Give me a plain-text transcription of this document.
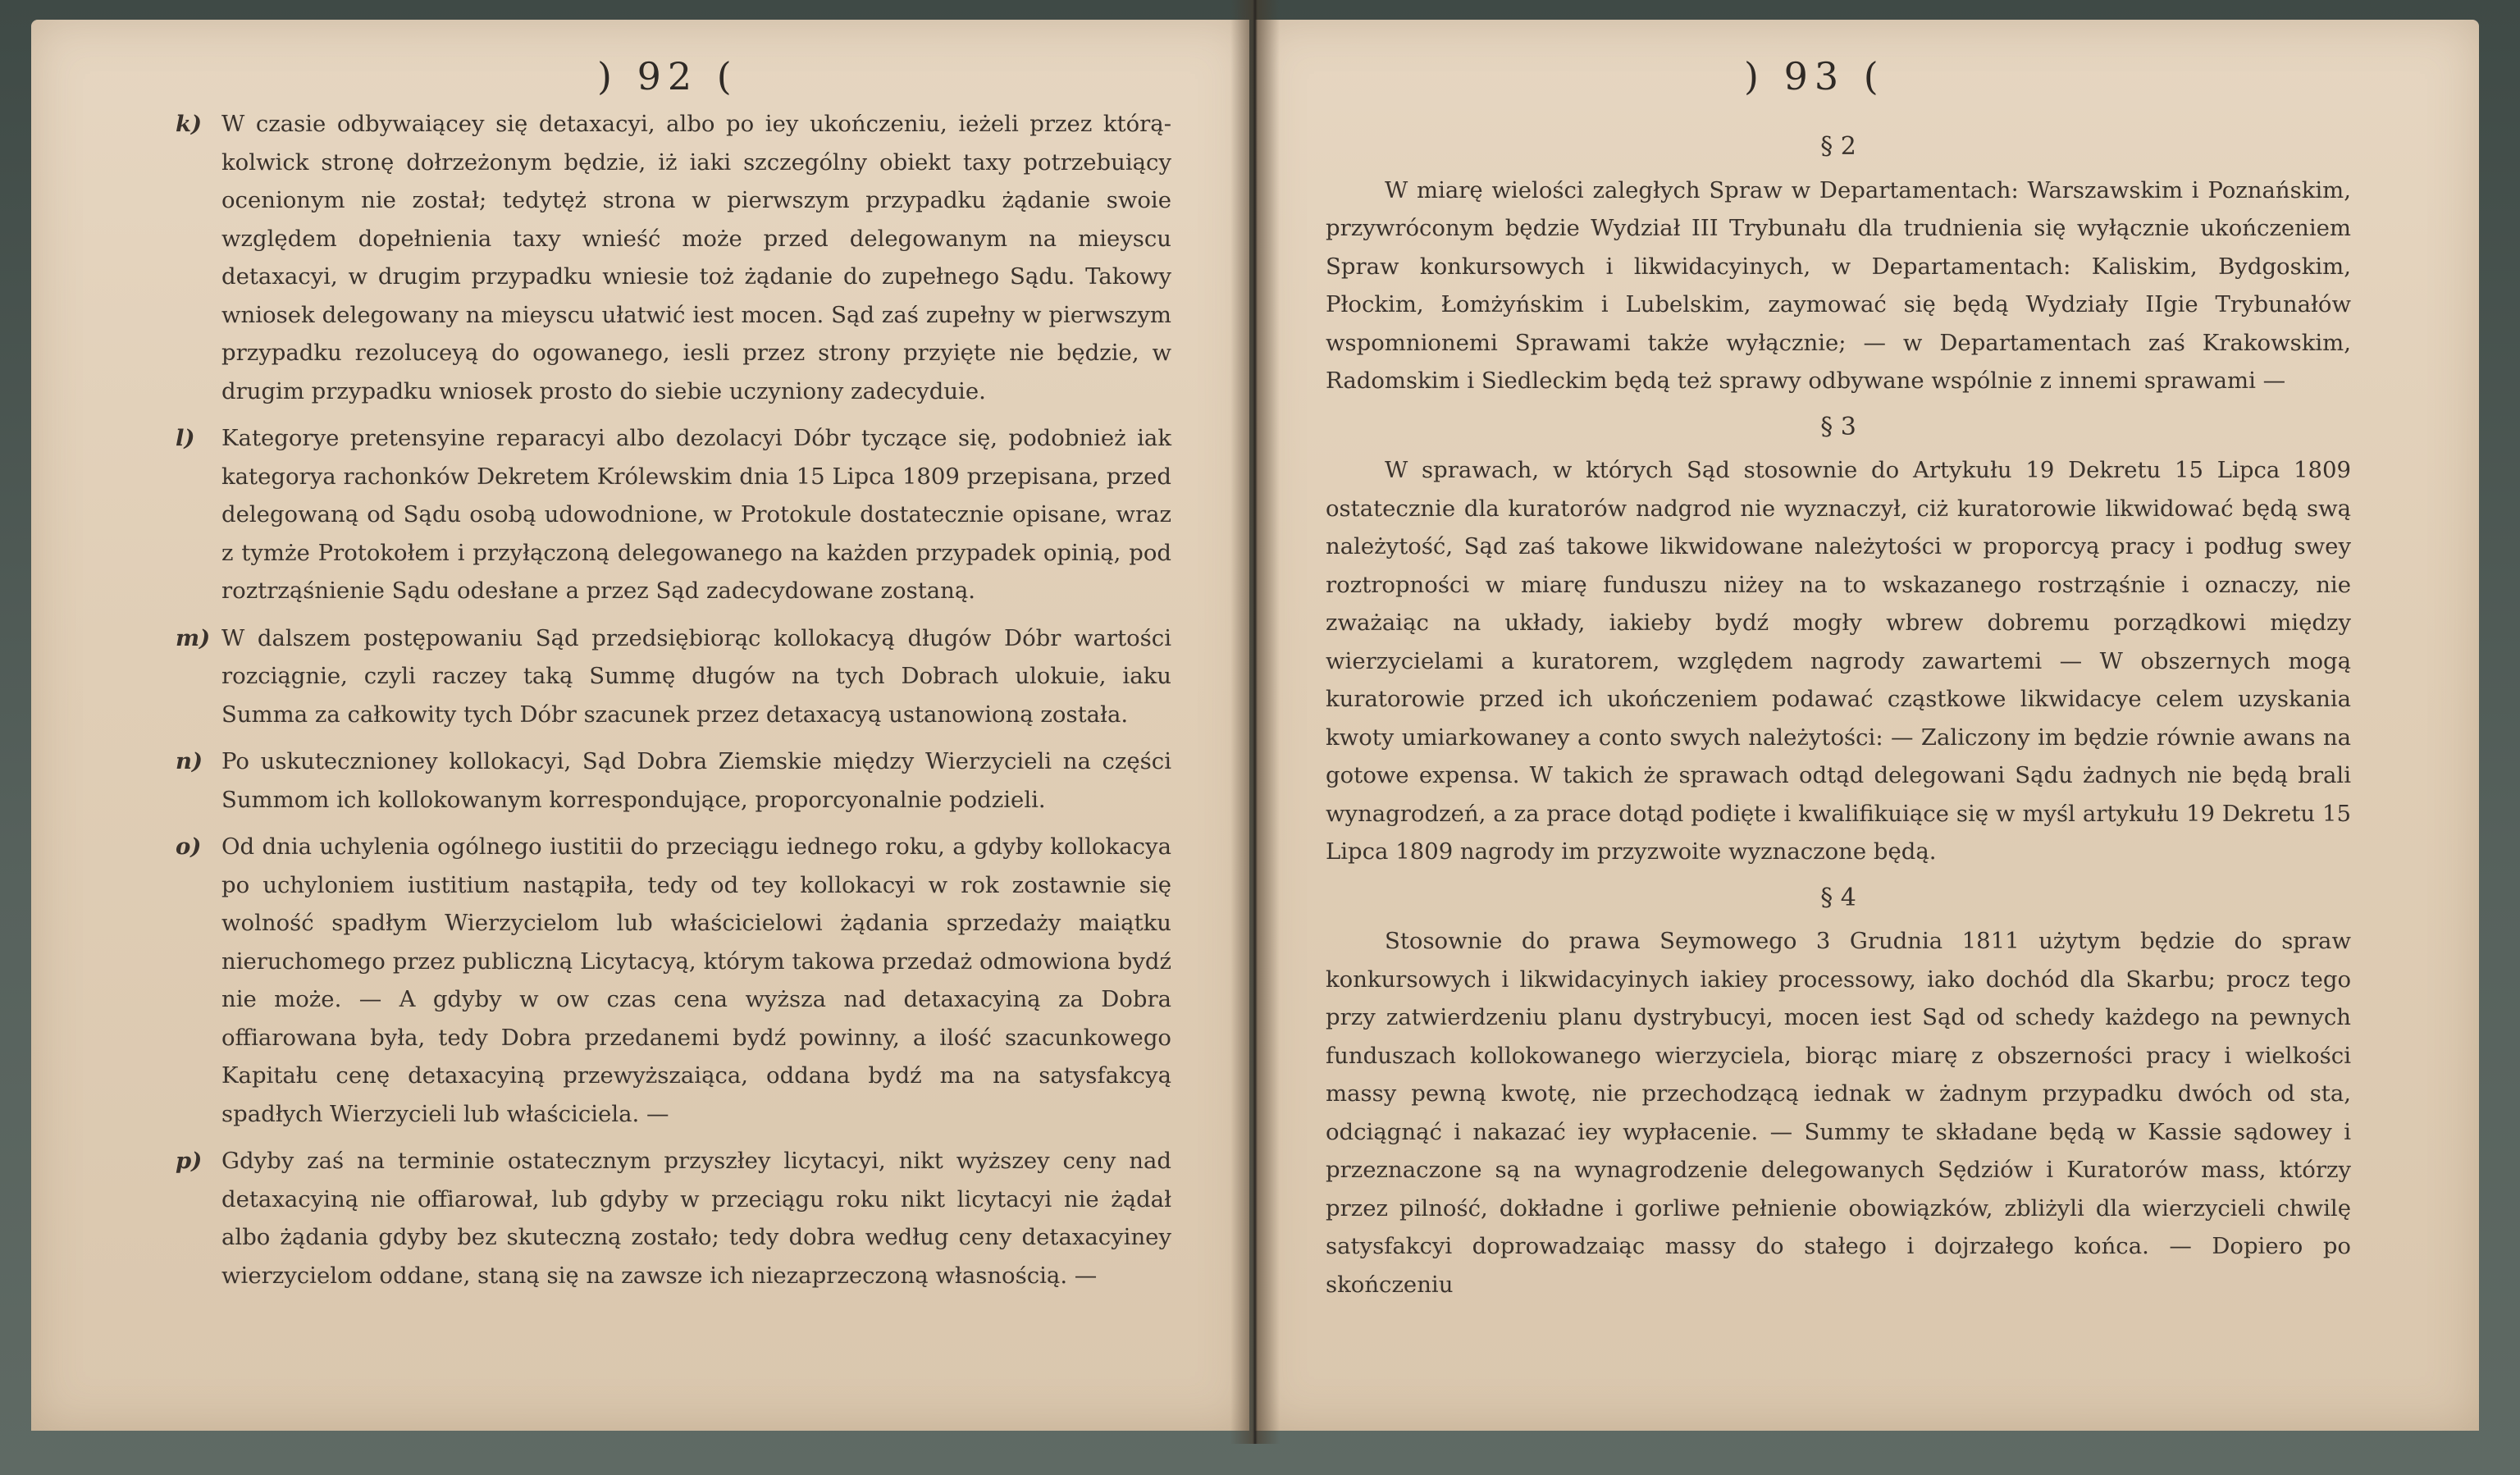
) 92 (
k) W czasie odbywaiącey się detaxacyi, albo po iey ukończeniu, ieżeli przez którą-kolwick stronę dołrzeżonym będzie, iż iaki szczególny obiekt taxy potrzebuiący ocenionym nie został; tedytęż strona w pierwszym przypadku żądanie swoie względem dopełnienia taxy wnieść może przed delegowanym na mieyscu detaxacyi, w drugim przypadku wniesie toż żądanie do zupełnego Sądu. Takowy wniosek delegowany na mieyscu ułatwić iest mocen. Sąd zaś zupełny w pierwszym przypadku rezoluceyą do ogowanego, iesli przez strony przyięte nie będzie, w drugim przypadku wniosek prosto do siebie uczyniony zadecyduie.
l) Kategorye pretensyine reparacyi albo dezolacyi Dóbr tyczące się, podobnież iak kategorya rachonków Dekretem Królewskim dnia 15 Lipca 1809 przepisana, przed delegowaną od Sądu osobą udowodnione, w Protokule dostatecznie opisane, wraz z tymże Protokołem i przyłączoną delegowanego na każden przypadek opinią, pod roztrząśnienie Sądu odesłane a przez Sąd zadecydowane zostaną.
m) W dalszem postępowaniu Sąd przedsiębiorąc kollokacyą długów Dóbr wartości rozciągnie, czyli raczey taką Summę długów na tych Dobrach ulokuie, iaku Summa za całkowity tych Dóbr szacunek przez detaxacyą ustanowioną została.
n) Po uskutecznioney kollokacyi, Sąd Dobra Ziemskie między Wierzycieli na części Summom ich kollokowanym korrespondujące, proporcyonalnie podzieli.
o) Od dnia uchylenia ogólnego iustitii do przeciągu iednego roku, a gdyby kollokacya po uchyloniem iustitium nastąpiła, tedy od tey kollokacyi w rok zostawnie się wolność spadłym Wierzycielom lub właścicielowi żądania sprzedaży maiątku nieruchomego przez publiczną Licytacyą, którym takowa przedaż odmowiona bydź nie może. — A gdyby w ow czas cena wyższa nad detaxacyiną za Dobra offiarowana była, tedy Dobra przedanemi bydź powinny, a ilość szacunkowego Kapitału cenę detaxacyiną przewyższaiąca, oddana bydź ma na satysfakcyą spadłych Wierzycieli lub właściciela. —
p) Gdyby zaś na terminie ostatecznym przyszłey licytacyi, nikt wyższey ceny nad detaxacyiną nie offiarował, lub gdyby w przeciągu roku nikt licytacyi nie żądał albo żądania gdyby bez skuteczną zostało; tedy dobra według ceny detaxacyiney wierzycielom oddane, staną się na zawsze ich niezaprzeczoną własnością. —
) 93 (
§ 2
W miarę wielości zaległych Spraw w Departamentach: Warszawskim i Poznańskim, przywróconym będzie Wydział III Trybunału dla trudnienia się wyłącznie ukończeniem Spraw konkursowych i likwidacyinych, w Departamentach: Kaliskim, Bydgoskim, Płockim, Łomżyńskim i Lubelskim, zaymować się będą Wydziały IIgie Trybunałów wspomnionemi Sprawami także wyłącznie; — w Departamentach zaś Krakowskim, Radomskim i Siedleckim będą też sprawy odbywane wspólnie z innemi sprawami —
§ 3
W sprawach, w których Sąd stosownie do Artykułu 19 Dekretu 15 Lipca 1809 ostatecznie dla kuratorów nadgrod nie wyznaczył, ciż kuratorowie likwidować będą swą należytość, Sąd zaś takowe likwidowane należytości w proporcyą pracy i podług swey roztropności w miarę funduszu niżey na to wskazanego rostrząśnie i oznaczy, nie zważaiąc na układy, iakieby bydź mogły wbrew dobremu porządkowi między wierzycielami a kuratorem, względem nagrody zawartemi — W obszernych mogą kuratorowie przed ich ukończeniem podawać cząstkowe likwidacye celem uzyskania kwoty umiarkowaney a conto swych należytości: — Zaliczony im będzie równie awans na gotowe expensa. W takich że sprawach odtąd delegowani Sądu żadnych nie będą brali wynagrodzeń, a za prace dotąd podięte i kwalifikuiące się w myśl artykułu 19 Dekretu 15 Lipca 1809 nagrody im przyzwoite wyznaczone będą.
§ 4
Stosownie do prawa Seymowego 3 Grudnia 1811 użytym będzie do spraw konkursowych i likwidacyinych iakiey processowy, iako dochód dla Skarbu; procz tego przy zatwierdzeniu planu dystrybucyi, mocen iest Sąd od schedy każdego na pewnych funduszach kollokowanego wierzyciela, biorąc miarę z obszerności pracy i wielkości massy pewną kwotę, nie przechodzącą iednak w żadnym przypadku dwóch od sta, odciągnąć i nakazać iey wypłacenie. — Summy te składane będą w Kassie sądowey i przeznaczone są na wynagrodzenie delegowanych Sędziów i Kuratorów mass, którzy przez pilność, dokładne i gorliwe pełnienie obowiązków, zbliżyli dla wierzycieli chwilę satysfakcyi doprowadzaiąc massy do stałego i dojrzałego końca. — Dopiero po skończeniu
